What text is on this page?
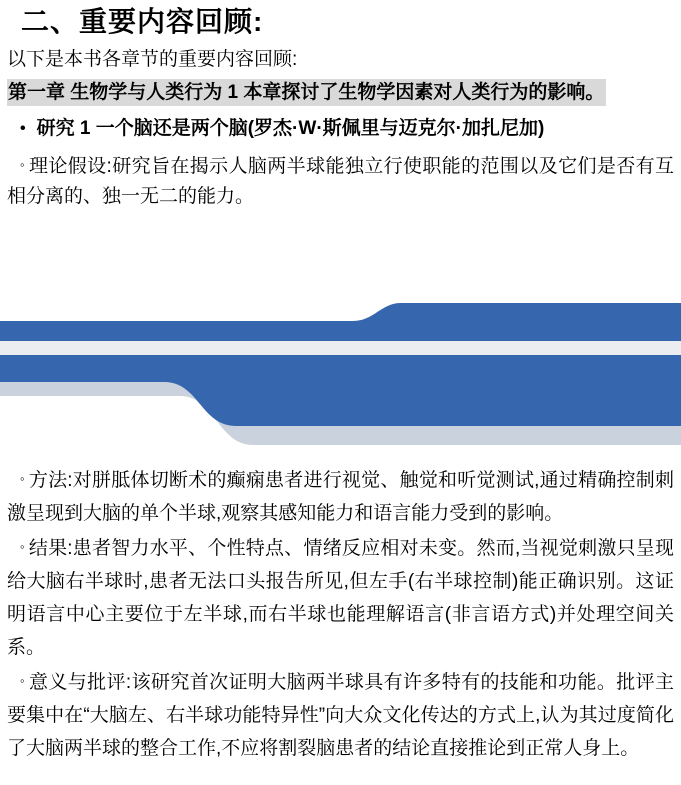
二、重要内容回顾:
以下是本书各章节的重要内容回顾:
第一章 生物学与人类行为 1 本章探讨了生物学因素对人类行为的影响。
• 研究 1 一个脑还是两个脑(罗杰·W·斯佩里与迈克尔·加扎尼加)
◦ 理论假设:研究旨在揭示人脑两半球能独立行使职能的范围以及它们是否有互相分离的、独一无二的能力。
◦ 方法:对胼胝体切断术的癫痫患者进行视觉、触觉和听觉测试,通过精确控制刺激呈现到大脑的单个半球,观察其感知能力和语言能力受到的影响。
◦ 结果:患者智力水平、个性特点、情绪反应相对未变。然而,当视觉刺激只呈现给大脑右半球时,患者无法口头报告所见,但左手(右半球控制)能正确识别。这证明语言中心主要位于左半球,而右半球也能理解语言(非言语方式)并处理空间关系。
◦ 意义与批评:该研究首次证明大脑两半球具有许多特有的技能和功能。批评主要集中在“大脑左、右半球功能特异性”向大众文化传达的方式上,认为其过度简化了大脑两半球的整合工作,不应将割裂脑患者的结论直接推论到正常人身上。
